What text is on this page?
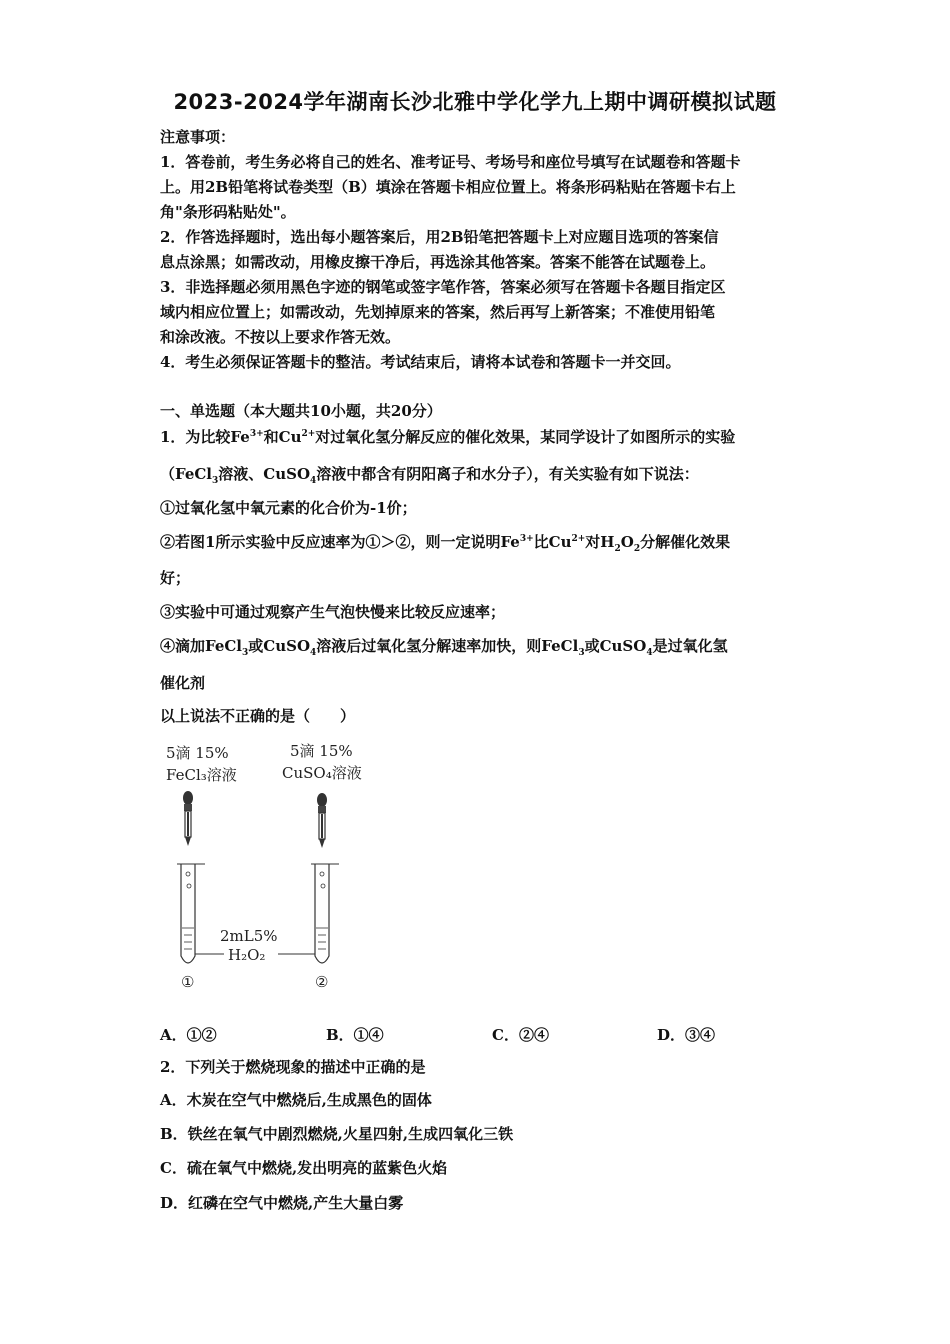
2023-2024学年湖南长沙北雅中学化学九上期中调研模拟试题
注意事项：
1．答卷前，考生务必将自己的姓名、准考证号、考场号和座位号填写在试题卷和答题卡
上。用2B铅笔将试卷类型（B）填涂在答题卡相应位置上。将条形码粘贴在答题卡右上
角"条形码粘贴处"。
2．作答选择题时，选出每小题答案后，用2B铅笔把答题卡上对应题目选项的答案信
息点涂黑；如需改动，用橡皮擦干净后，再选涂其他答案。答案不能答在试题卷上。
3．非选择题必须用黑色字迹的钢笔或签字笔作答，答案必须写在答题卡各题目指定区
域内相应位置上；如需改动，先划掉原来的答案，然后再写上新答案；不准使用铅笔
和涂改液。不按以上要求作答无效。
4．考生必须保证答题卡的整洁。考试结束后，请将本试卷和答题卡一并交回。
一、单选题（本大题共10小题，共20分）
1．为比较$Fe^{3+}$和$Cu^{2+}$对过氧化氢分解反应的催化效果，某同学设计了如图所示的实验
（FeCl$_3$溶液、CuSO$_4$溶液中都含有阴阳离子和水分子），有关实验有如下说法：
①过氧化氢中氧元素的化合价为-1价；
②若图1所示实验中反应速率为①＞②，则一定说明$Fe^{3+}$比$Cu^{2+}$对$H_2O_2$分解催化效果
好；
③实验中可通过观察产生气泡快慢来比较反应速率；
④滴加FeCl$_3$或CuSO$_4$溶液后过氧化氢分解速率加快，则FeCl$_3$或CuSO$_4$是过氧化氢
催化剂
以上说法不正确的是（　　）
5滴 15%
FeCl₃溶液
5滴 15%
CuSO₄溶液
2mL5%
H₂O₂
①	②
A．①②	B．①④	C．②④	D．③④
2．下列关于燃烧现象的描述中正确的是
A．木炭在空气中燃烧后,生成黑色的固体
B．铁丝在氧气中剧烈燃烧,火星四射,生成四氧化三铁
C．硫在氧气中燃烧,发出明亮的蓝紫色火焰
D．红磷在空气中燃烧,产生大量白雾
